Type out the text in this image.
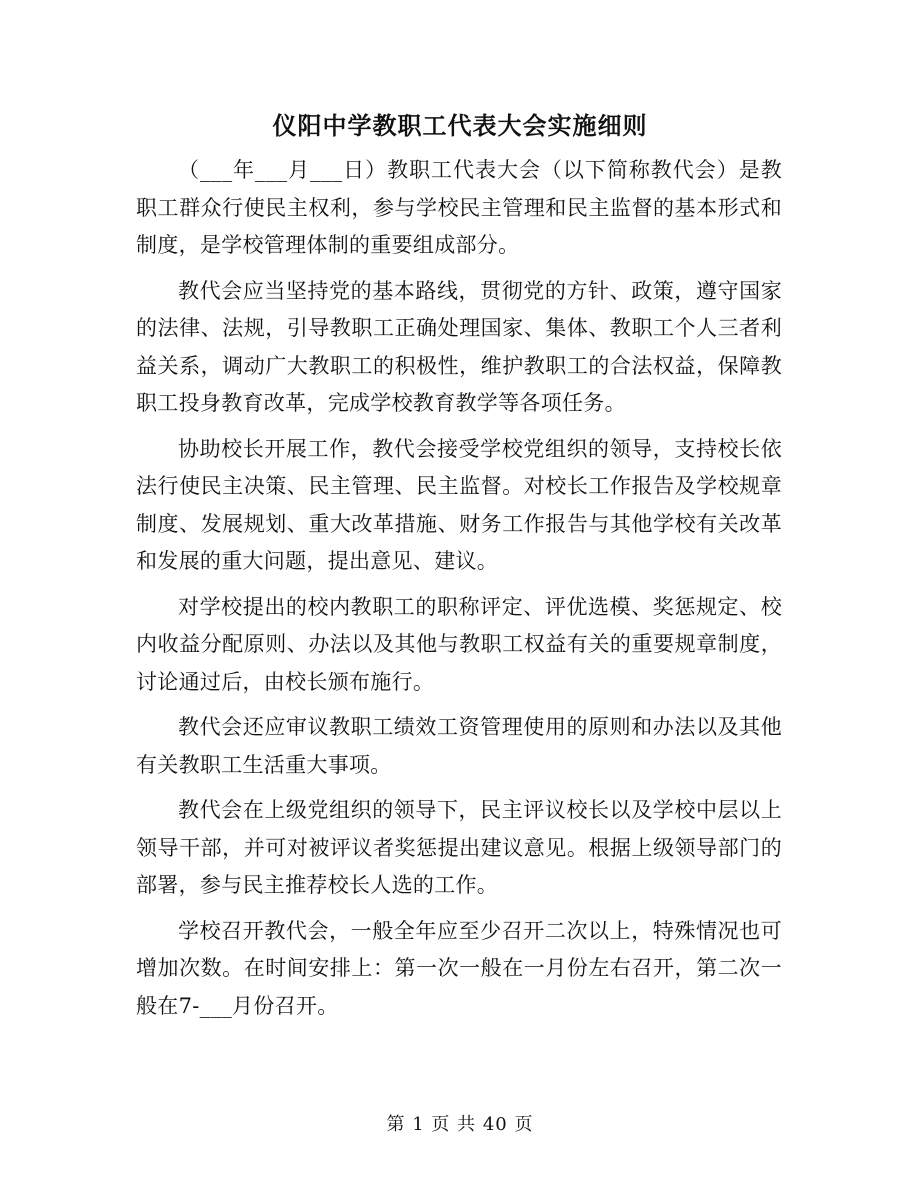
仪阳中学教职工代表大会实施细则

（___年___月___日）教职工代表大会（以下简称教代会）是教职工群众行使民主权利，参与学校民主管理和民主监督的基本形式和制度，是学校管理体制的重要组成部分。

教代会应当坚持党的基本路线，贯彻党的方针、政策，遵守国家的法律、法规，引导教职工正确处理国家、集体、教职工个人三者利益关系，调动广大教职工的积极性，维护教职工的合法权益，保障教职工投身教育改革，完成学校教育教学等各项任务。

协助校长开展工作，教代会接受学校党组织的领导，支持校长依法行使民主决策、民主管理、民主监督。对校长工作报告及学校规章制度、发展规划、重大改革措施、财务工作报告与其他学校有关改革和发展的重大问题，提出意见、建议。

对学校提出的校内教职工的职称评定、评优选模、奖惩规定、校内收益分配原则、办法以及其他与教职工权益有关的重要规章制度，讨论通过后，由校长颁布施行。

教代会还应审议教职工绩效工资管理使用的原则和办法以及其他有关教职工生活重大事项。

教代会在上级党组织的领导下，民主评议校长以及学校中层以上领导干部，并可对被评议者奖惩提出建议意见。根据上级领导部门的部署，参与民主推荐校长人选的工作。

学校召开教代会，一般全年应至少召开二次以上，特殊情况也可增加次数。在时间安排上：第一次一般在一月份左右召开，第二次一般在7-___月份召开。

第 1 页 共 40 页
